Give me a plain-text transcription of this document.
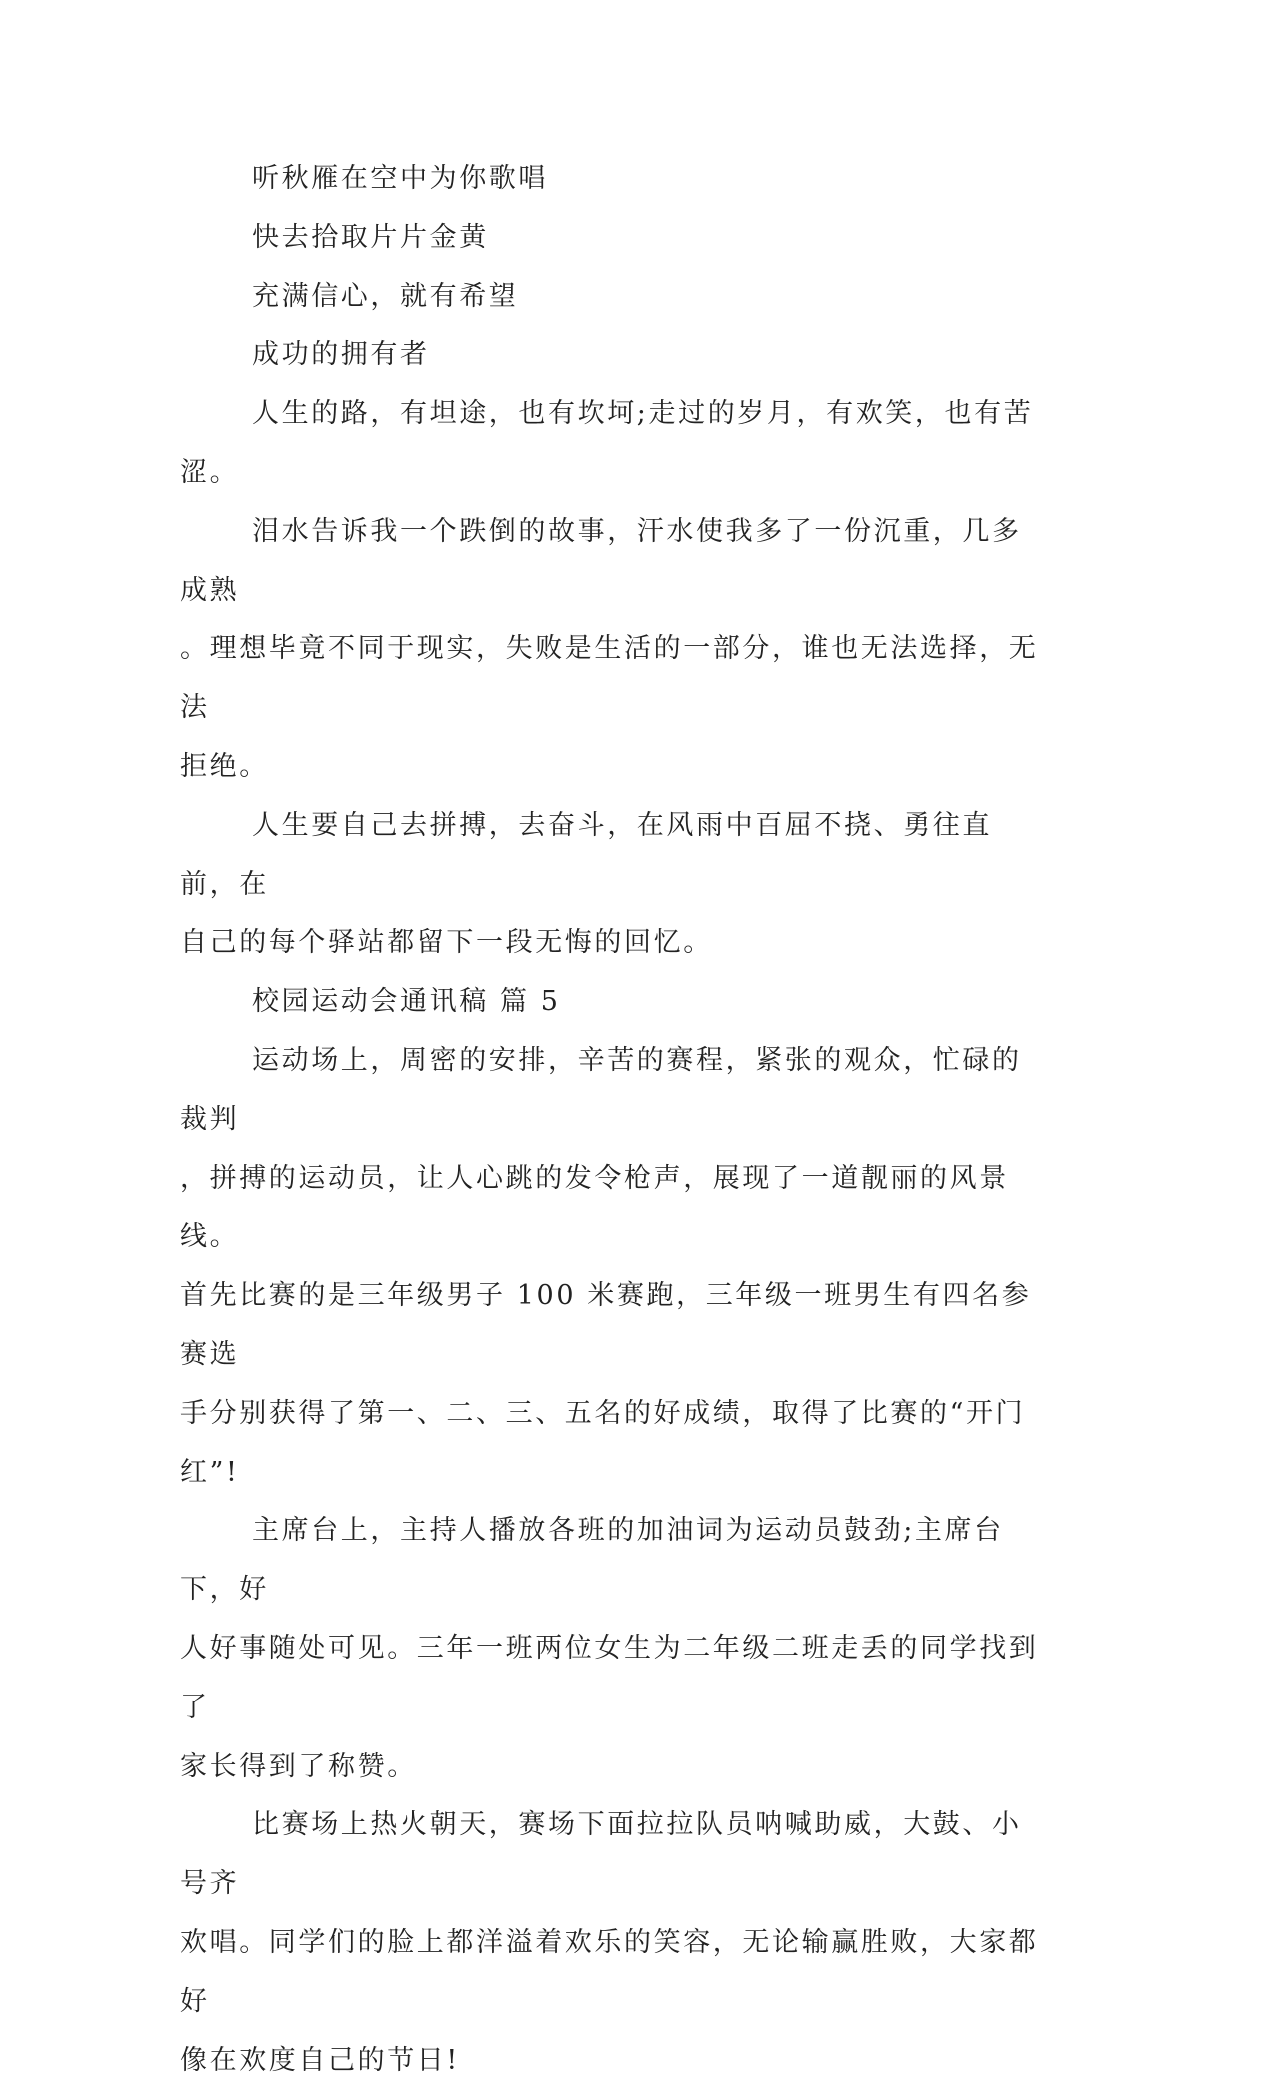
听秋雁在空中为你歌唱

快去拾取片片金黄

充满信心，就有希望

成功的拥有者

人生的路，有坦途，也有坎坷;走过的岁月，有欢笑，也有苦涩。

泪水告诉我一个跌倒的故事，汗水使我多了一份沉重，几多成熟

。理想毕竟不同于现实，失败是生活的一部分，谁也无法选择，无法

拒绝。

人生要自己去拼搏，去奋斗，在风雨中百屈不挠、勇往直前，在

自己的每个驿站都留下一段无悔的回忆。

校园运动会通讯稿 篇 5

运动场上，周密的安排，辛苦的赛程，紧张的观众，忙碌的裁判

，拼搏的运动员，让人心跳的发令枪声，展现了一道靓丽的风景线。

首先比赛的是三年级男子 100 米赛跑，三年级一班男生有四名参赛选

手分别获得了第一、二、三、五名的好成绩，取得了比赛的“开门红”!

主席台上，主持人播放各班的加油词为运动员鼓劲;主席台下，好

人好事随处可见。三年一班两位女生为二年级二班走丢的同学找到了

家长得到了称赞。

比赛场上热火朝天，赛场下面拉拉队员呐喊助威，大鼓、小号齐

欢唱。同学们的脸上都洋溢着欢乐的笑容，无论输赢胜败，大家都好

像在欢度自己的节日!
